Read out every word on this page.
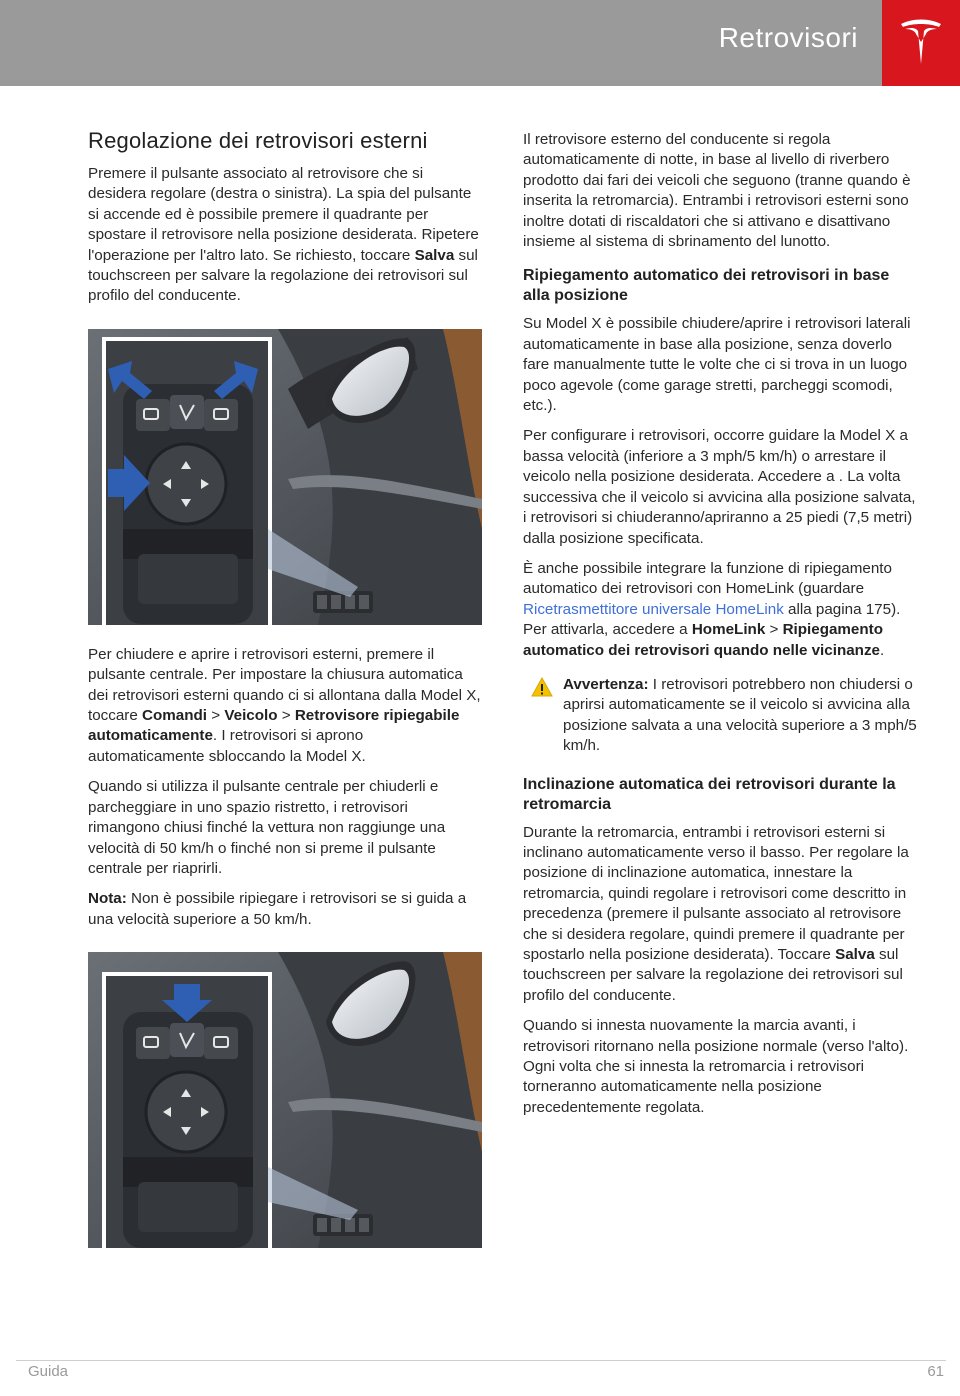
Retrovisori
Regolazione dei retrovisori esterni

Premere il pulsante associato al retrovisore che si desidera regolare (destra o sinistra). La spia del pulsante si accende ed è possibile premere il quadrante per spostare il retrovisore nella posizione desiderata. Ripetere l'operazione per l'altro lato. Se richiesto, toccare Salva sul touchscreen per salvare la regolazione dei retrovisori sul profilo del conducente.

Per chiudere e aprire i retrovisori esterni, premere il pulsante centrale. Per impostare la chiusura automatica dei retrovisori esterni quando ci si allontana dalla Model X, toccare Comandi > Veicolo > Retrovisore ripiegabile automaticamente. I retrovisori si aprono automaticamente sbloccando la Model X.

Quando si utilizza il pulsante centrale per chiuderli e parcheggiare in uno spazio ristretto, i retrovisori rimangono chiusi finché la vettura non raggiunge una velocità di 50 km/h o finché non si preme il pulsante centrale per riaprirli.

Nota: Non è possibile ripiegare i retrovisori se si guida a una velocità superiore a 50 km/h.

Il retrovisore esterno del conducente si regola automaticamente di notte, in base al livello di riverbero prodotto dai fari dei veicoli che seguono (tranne quando è inserita la retromarcia). Entrambi i retrovisori esterni sono inoltre dotati di riscaldatori che si attivano e disattivano insieme al sistema di sbrinamento del lunotto.

Ripiegamento automatico dei retrovisori in base alla posizione

Su Model X è possibile chiudere/aprire i retrovisori laterali automaticamente in base alla posizione, senza doverlo fare manualmente tutte le volte che ci si trova in un luogo poco agevole (come garage stretti, parcheggi scomodi, etc.).

Per configurare i retrovisori, occorre guidare la Model X a bassa velocità (inferiore a 3 mph/5 km/h) o arrestare il veicolo nella posizione desiderata. Accedere a . La volta successiva che il veicolo si avvicina alla posizione salvata, i retrovisori si chiuderanno/apriranno a 25 piedi (7,5 metri) dalla posizione specificata.

È anche possibile integrare la funzione di ripiegamento automatico dei retrovisori con HomeLink (guardare Ricetrasmettitore universale HomeLink alla pagina 175). Per attivarla, accedere a HomeLink > Ripiegamento automatico dei retrovisori quando nelle vicinanze.

Avvertenza: I retrovisori potrebbero non chiudersi o aprirsi automaticamente se il veicolo si avvicina alla posizione salvata a una velocità superiore a 3 mph/5 km/h.

Inclinazione automatica dei retrovisori durante la retromarcia

Durante la retromarcia, entrambi i retrovisori esterni si inclinano automaticamente verso il basso. Per regolare la posizione di inclinazione automatica, innestare la retromarcia, quindi regolare i retrovisori come descritto in precedenza (premere il pulsante associato al retrovisore che si desidera regolare, quindi premere il quadrante per spostarlo nella posizione desiderata). Toccare Salva sul touchscreen per salvare la regolazione dei retrovisori sul profilo del conducente.

Quando si innesta nuovamente la marcia avanti, i retrovisori ritornano nella posizione normale (verso l'alto). Ogni volta che si innesta la retromarcia i retrovisori torneranno automaticamente nella posizione precedentemente regolata.

Guida	61
